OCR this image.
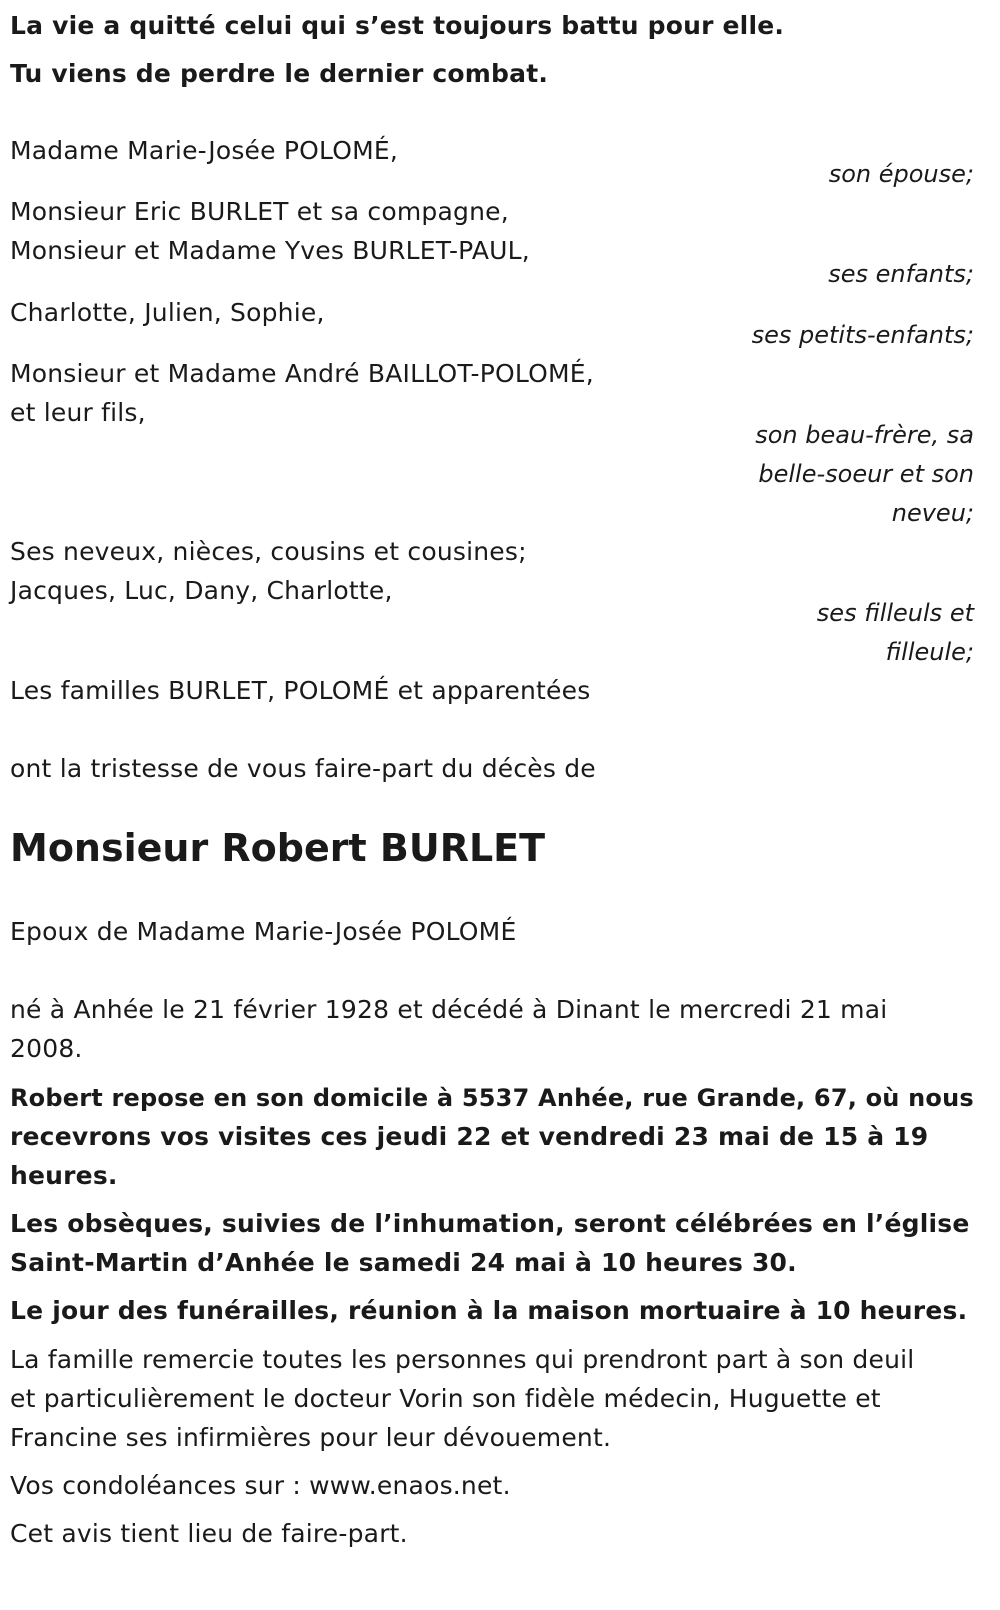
La vie a quitté celui qui s’est toujours battu pour elle.
Tu viens de perdre le dernier combat.
Madame Marie-Josée POLOMÉ,
son épouse;
Monsieur Eric BURLET et sa compagne,
Monsieur et Madame Yves BURLET-PAUL,
ses enfants;
Charlotte, Julien, Sophie,
ses petits-enfants;
Monsieur et Madame André BAILLOT-POLOMÉ,
et leur fils,
son beau-frère, sa
belle-soeur et son
neveu;
Ses neveux, nièces, cousins et cousines;
Jacques, Luc, Dany, Charlotte,
ses filleuls et
filleule;
Les familles BURLET, POLOMÉ et apparentées
ont la tristesse de vous faire-part du décès de
Monsieur Robert BURLET
Epoux de Madame Marie-Josée POLOMÉ
né à Anhée le 21 février 1928 et décédé à Dinant le mercredi 21 mai
2008.
Robert repose en son domicile à 5537 Anhée, rue Grande, 67, où nous
recevrons vos visites ces jeudi 22 et vendredi 23 mai de 15 à 19
heures.
Les obsèques, suivies de l’inhumation, seront célébrées en l’église
Saint-Martin d’Anhée le samedi 24 mai à 10 heures 30.
Le jour des funérailles, réunion à la maison mortuaire à 10 heures.
La famille remercie toutes les personnes qui prendront part à son deuil
et particulièrement le docteur Vorin son fidèle médecin, Huguette et
Francine ses infirmières pour leur dévouement.
Vos condoléances sur : www.enaos.net.
Cet avis tient lieu de faire-part.
